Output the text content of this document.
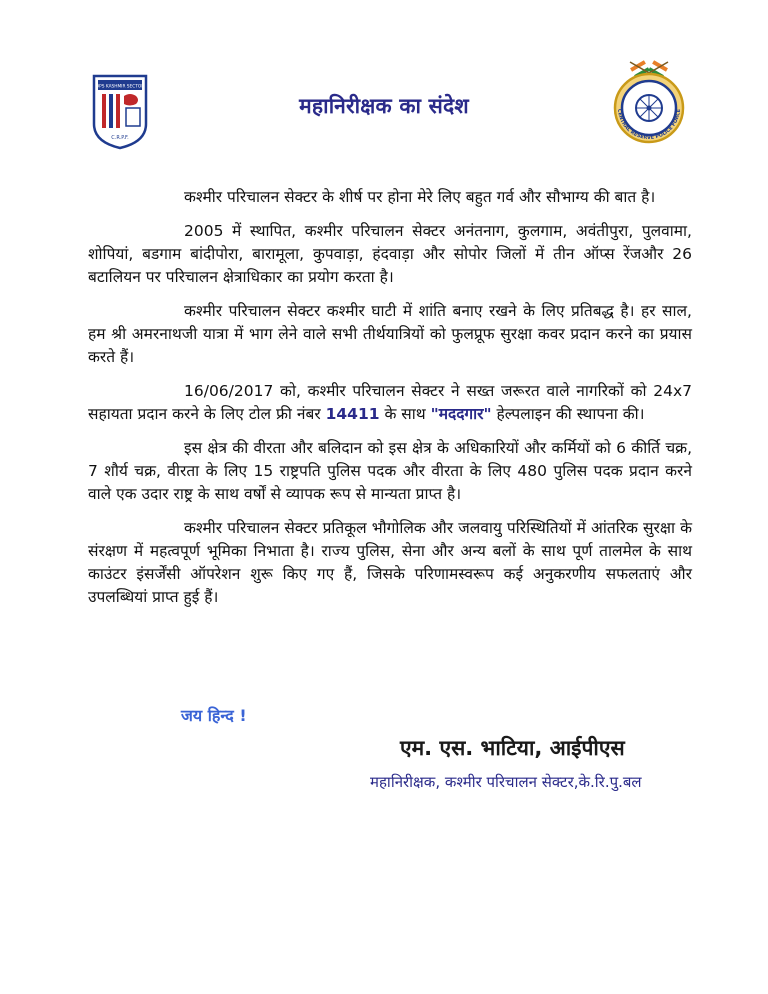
OPS KASHMIR SECTOR
C.R.P.F.
महानिरीक्षक का संदेश	CENTRAL RESERVE POLICE FORCE

कश्मीर परिचालन सेक्टर के शीर्ष पर होना मेरे लिए बहुत गर्व और सौभाग्य की बात है।

2005 में स्थापित, कश्मीर परिचालन सेक्टर अनंतनाग, कुलगाम, अवंतीपुरा, पुलवामा, शोपियां, बडगाम बांदीपोरा, बारामूला, कुपवाड़ा, हंदवाड़ा और सोपोर जिलों में तीन ऑप्स रेंजऔर 26 बटालियन पर परिचालन क्षेत्राधिकार का प्रयोग करता है।

कश्मीर परिचालन सेक्टर कश्मीर घाटी में शांति बनाए रखने के लिए प्रतिबद्ध है। हर साल, हम श्री अमरनाथजी यात्रा में भाग लेने वाले सभी तीर्थयात्रियों को फुलप्रूफ सुरक्षा कवर प्रदान करने का प्रयास करते हैं।

16/06/2017 को, कश्मीर परिचालन सेक्टर ने सख्त जरूरत वाले नागरिकों को 24x7 सहायता प्रदान करने के लिए टोल फ्री नंबर 14411 के साथ "मददगार" हेल्पलाइन की स्थापना की।

इस क्षेत्र की वीरता और बलिदान को इस क्षेत्र के अधिकारियों और कर्मियों को 6 कीर्ति चक्र, 7 शौर्य चक्र, वीरता के लिए 15 राष्ट्रपति पुलिस पदक और वीरता के लिए 480 पुलिस पदक प्रदान करने वाले एक उदार राष्ट्र के साथ वर्षों से व्यापक रूप से मान्यता प्राप्त है।

कश्मीर परिचालन सेक्टर प्रतिकूल भौगोलिक और जलवायु परिस्थितियों में आंतरिक सुरक्षा के संरक्षण में महत्वपूर्ण भूमिका निभाता है। राज्य पुलिस, सेना और अन्य बलों के साथ पूर्ण तालमेल के साथ काउंटर इंसर्जेंसी ऑपरेशन शुरू किए गए हैं, जिसके परिणामस्वरूप कई अनुकरणीय सफलताएं और उपलब्धियां प्राप्त हुई हैं।

जय हिन्द !
एम. एस. भाटिया, आईपीएस
महानिरीक्षक, कश्मीर परिचालन सेक्टर,के.रि.पु.बल
